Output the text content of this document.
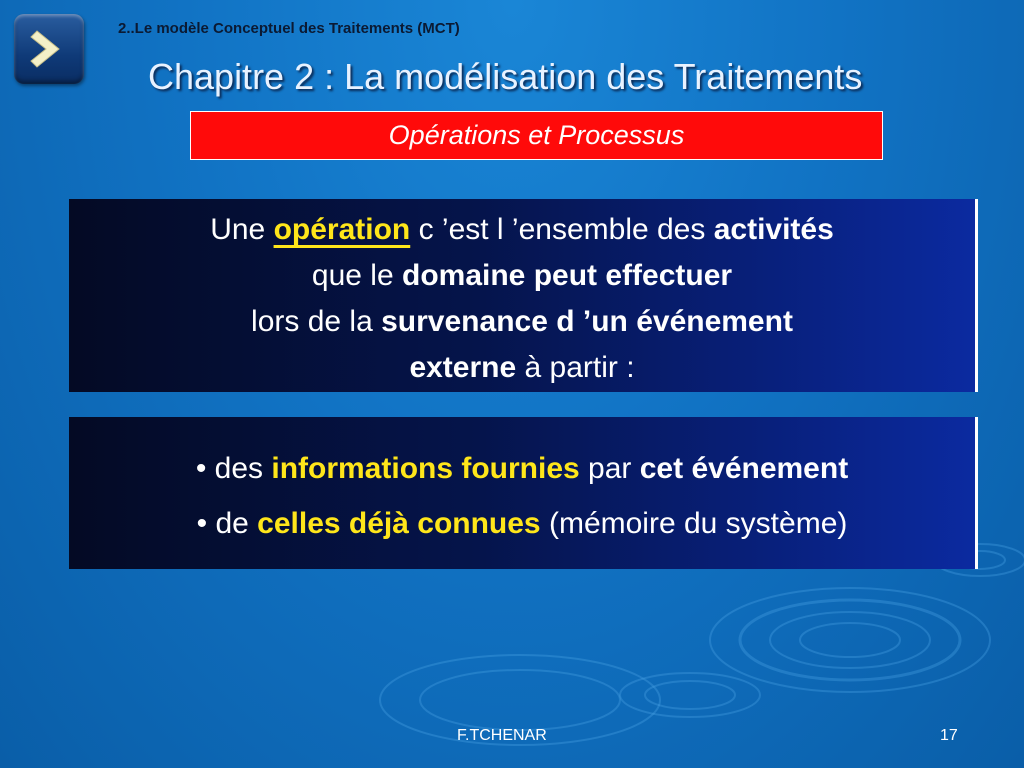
2..Le modèle Conceptuel des Traitements (MCT)
Chapitre 2 : La modélisation des Traitements
Opérations et Processus
Une opération c ’est l ’ensemble des activités
que le domaine peut effectuer
lors de la survenance d ’un événement
externe à partir :
• des informations fournies par cet événement
• de celles déjà connues (mémoire du système)
F.TCHENAR	17
